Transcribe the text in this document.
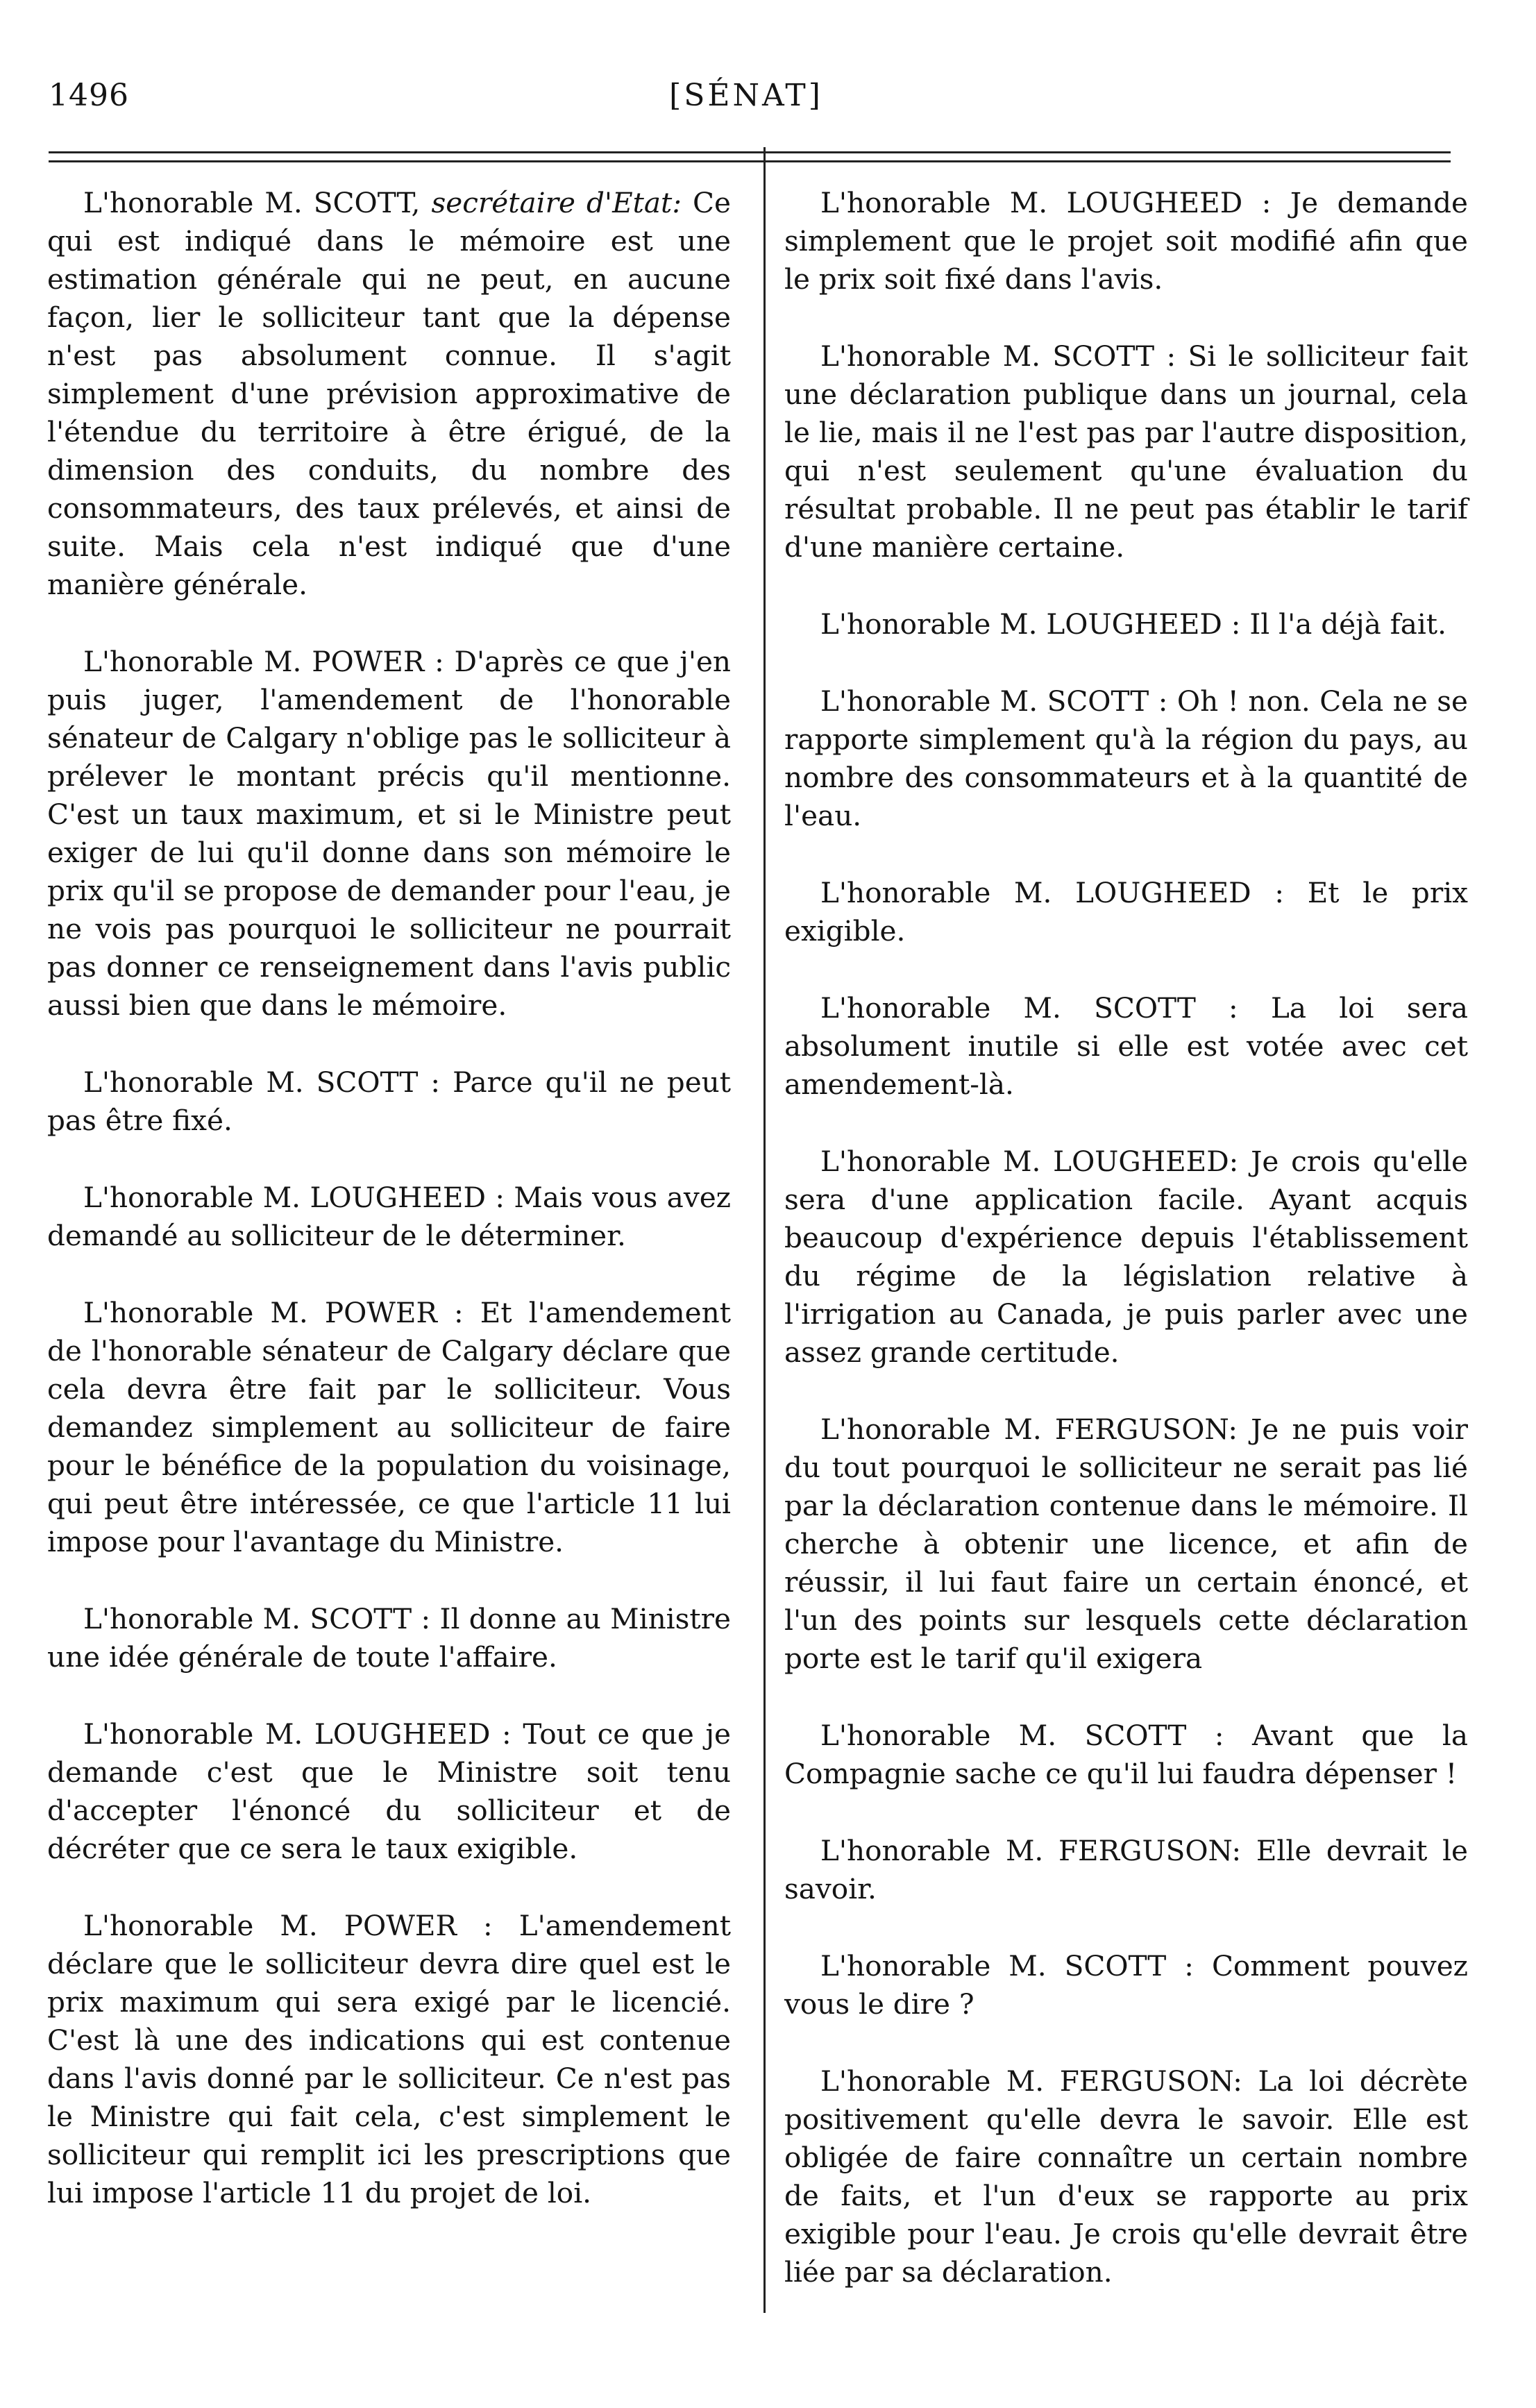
1496	[SÉNAT]

L'honorable M. SCOTT, secrétaire d'Etat: Ce qui est indiqué dans le mémoire est une estimation générale qui ne peut, en aucune façon, lier le solliciteur tant que la dépense n'est pas absolument connue. Il s'agit simplement d'une prévision approximative de l'étendue du territoire à être érigué, de la dimension des conduits, du nombre des consommateurs, des taux prélevés, et ainsi de suite. Mais cela n'est indiqué que d'une manière générale.

L'honorable M. POWER : D'après ce que j'en puis juger, l'amendement de l'honorable sénateur de Calgary n'oblige pas le solliciteur à prélever le montant précis qu'il mentionne. C'est un taux maximum, et si le Ministre peut exiger de lui qu'il donne dans son mémoire le prix qu'il se propose de demander pour l'eau, je ne vois pas pourquoi le solliciteur ne pourrait pas donner ce renseignement dans l'avis public aussi bien que dans le mémoire.

L'honorable M. SCOTT : Parce qu'il ne peut pas être fixé.

L'honorable M. LOUGHEED : Mais vous avez demandé au solliciteur de le déterminer.

L'honorable M. POWER : Et l'amendement de l'honorable sénateur de Calgary déclare que cela devra être fait par le solliciteur. Vous demandez simplement au solliciteur de faire pour le bénéfice de la population du voisinage, qui peut être intéressée, ce que l'article 11 lui impose pour l'avantage du Ministre.

L'honorable M. SCOTT : Il donne au Ministre une idée générale de toute l'affaire.

L'honorable M. LOUGHEED : Tout ce que je demande c'est que le Ministre soit tenu d'accepter l'énoncé du solliciteur et de décréter que ce sera le taux exigible.

L'honorable M. POWER : L'amendement déclare que le solliciteur devra dire quel est le prix maximum qui sera exigé par le licencié. C'est là une des indications qui est contenue dans l'avis donné par le solliciteur. Ce n'est pas le Ministre qui fait cela, c'est simplement le solliciteur qui remplit ici les prescriptions que lui impose l'article 11 du projet de loi.

L'honorable M. LOUGHEED : Je demande simplement que le projet soit modifié afin que le prix soit fixé dans l'avis.

L'honorable M. SCOTT : Si le solliciteur fait une déclaration publique dans un journal, cela le lie, mais il ne l'est pas par l'autre disposition, qui n'est seulement qu'une évaluation du résultat probable. Il ne peut pas établir le tarif d'une manière certaine.

L'honorable M. LOUGHEED : Il l'a déjà fait.

L'honorable M. SCOTT : Oh ! non. Cela ne se rapporte simplement qu'à la région du pays, au nombre des consommateurs et à la quantité de l'eau.

L'honorable M. LOUGHEED : Et le prix exigible.

L'honorable M. SCOTT : La loi sera absolument inutile si elle est votée avec cet amendement-là.

L'honorable M. LOUGHEED: Je crois qu'elle sera d'une application facile. Ayant acquis beaucoup d'expérience depuis l'établissement du régime de la législation relative à l'irrigation au Canada, je puis parler avec une assez grande certitude.

L'honorable M. FERGUSON: Je ne puis voir du tout pourquoi le solliciteur ne serait pas lié par la déclaration contenue dans le mémoire. Il cherche à obtenir une licence, et afin de réussir, il lui faut faire un certain énoncé, et l'un des points sur lesquels cette déclaration porte est le tarif qu'il exigera

L'honorable M. SCOTT : Avant que la Compagnie sache ce qu'il lui faudra dépenser !

L'honorable M. FERGUSON: Elle devrait le savoir.

L'honorable M. SCOTT : Comment pouvez vous le dire ?

L'honorable M. FERGUSON: La loi décrète positivement qu'elle devra le savoir. Elle est obligée de faire connaître un certain nombre de faits, et l'un d'eux se rapporte au prix exigible pour l'eau. Je crois qu'elle devrait être liée par sa déclaration.
